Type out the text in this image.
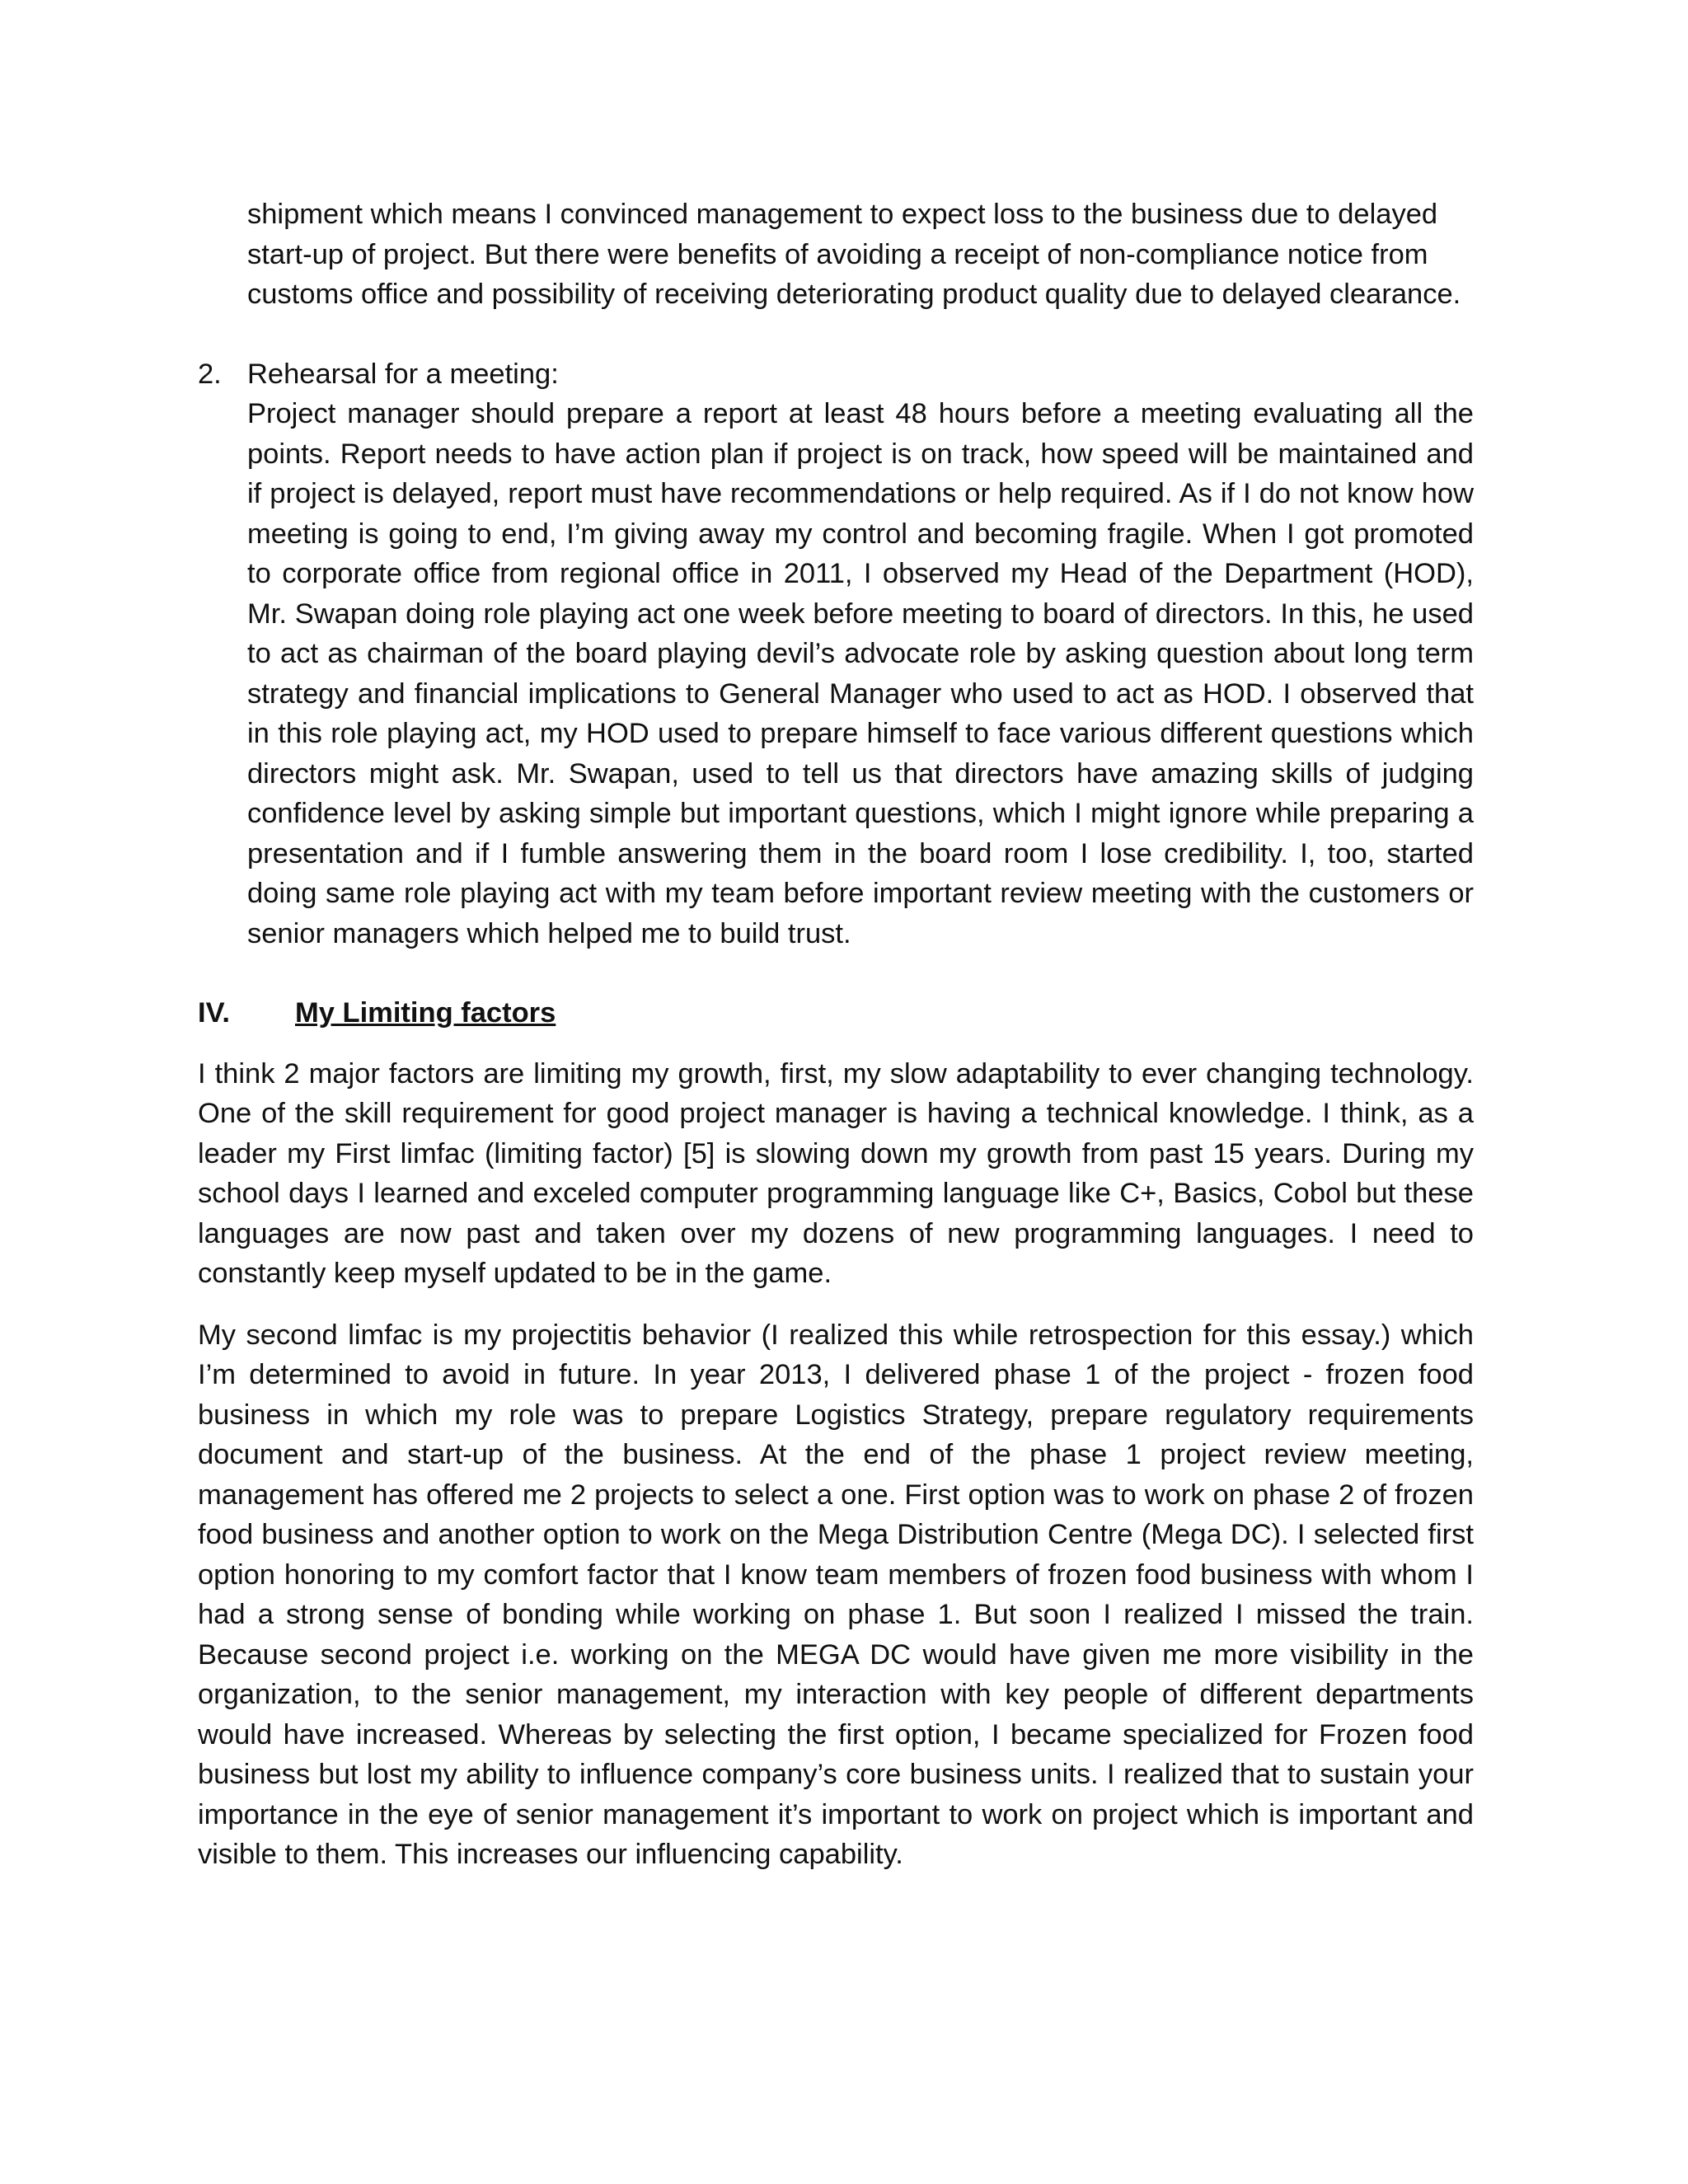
shipment which means I convinced management to expect loss to the business due to delayed start-up of project. But there were benefits of avoiding a receipt of non-compliance notice from customs office and possibility of receiving deteriorating product quality due to delayed clearance.

2. Rehearsal for a meeting:

Project manager should prepare a report at least 48 hours before a meeting evaluating all the points. Report needs to have action plan if project is on track, how speed will be maintained and if project is delayed, report must have recommendations or help required. As if I do not know how meeting is going to end, I’m giving away my control and becoming fragile. When I got promoted to corporate office from regional office in 2011, I observed my Head of the Department (HOD), Mr. Swapan doing role playing act one week before meeting to board of directors. In this, he used to act as chairman of the board playing devil’s advocate role by asking question about long term strategy and financial implications to General Manager who used to act as HOD. I observed that in this role playing act, my HOD used to prepare himself to face various different questions which directors might ask. Mr. Swapan, used to tell us that directors have amazing skills of judging confidence level by asking simple but important questions, which I might ignore while preparing a presentation and if I fumble answering them in the board room I lose credibility. I, too, started doing same role playing act with my team before important review meeting with the customers or senior managers which helped me to build trust.

IV. My Limiting factors

I think 2 major factors are limiting my growth, first, my slow adaptability to ever changing technology. One of the skill requirement for good project manager is having a technical knowledge. I think, as a leader my First limfac (limiting factor) [5] is slowing down my growth from past 15 years. During my school days I learned and exceled computer programming language like C+, Basics, Cobol but these languages are now past and taken over my dozens of new programming languages. I need to constantly keep myself updated to be in the game.

My second limfac is my projectitis behavior (I realized this while retrospection for this essay.) which I’m determined to avoid in future. In year 2013, I delivered phase 1 of the project - frozen food business in which my role was to prepare Logistics Strategy, prepare regulatory requirements document and start-up of the business. At the end of the phase 1 project review meeting, management has offered me 2 projects to select a one. First option was to work on phase 2 of frozen food business and another option to work on the Mega Distribution Centre (Mega DC). I selected first option honoring to my comfort factor that I know team members of frozen food business with whom I had a strong sense of bonding while working on phase 1. But soon I realized I missed the train. Because second project i.e. working on the MEGA DC would have given me more visibility in the organization, to the senior management, my interaction with key people of different departments would have increased. Whereas by selecting the first option, I became specialized for Frozen food business but lost my ability to influence company’s core business units. I realized that to sustain your importance in the eye of senior management it’s important to work on project which is important and visible to them. This increases our influencing capability.
